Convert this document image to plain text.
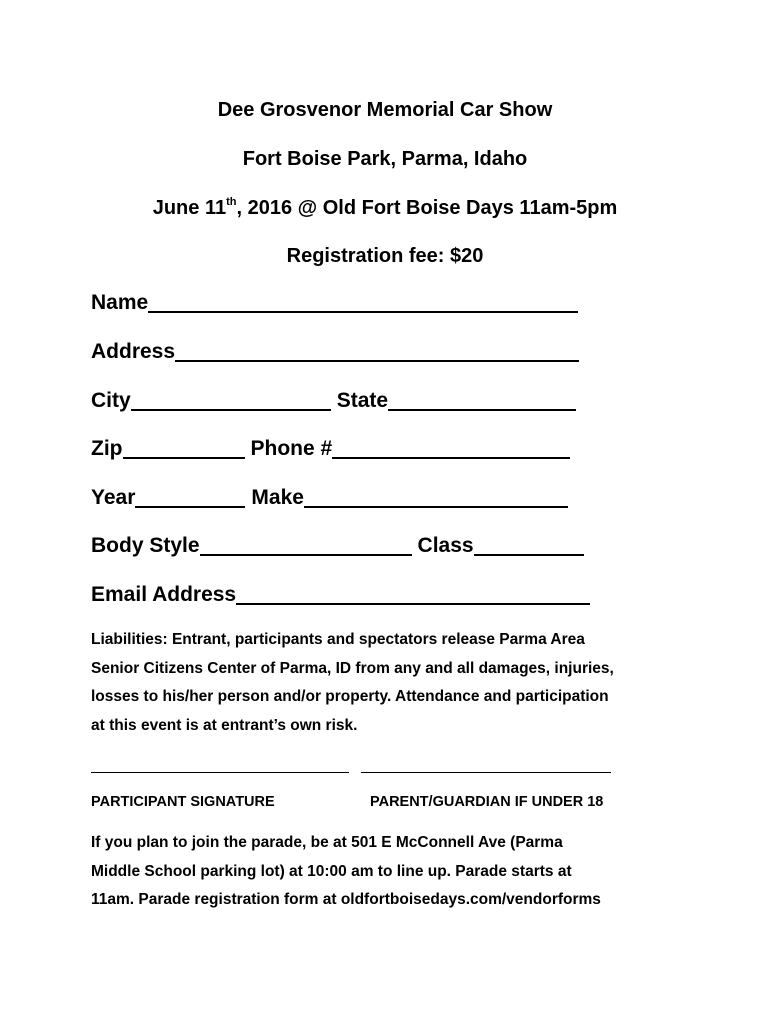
Dee Grosvenor Memorial Car Show
Fort Boise Park, Parma, Idaho
June 11th, 2016 @ Old Fort Boise Days 11am-5pm
Registration fee: $20
Name
Address
City	State
Zip	Phone #
Year	Make
Body Style	Class
Email Address
Liabilities: Entrant, participants and spectators release Parma Area
Senior Citizens Center of Parma, ID from any and all damages, injuries,
losses to his/her person and/or property. Attendance and participation
at this event is at entrant’s own risk.
PARTICIPANT SIGNATURE	PARENT/GUARDIAN IF UNDER 18
If you plan to join the parade, be at 501 E McConnell Ave (Parma
Middle School parking lot) at 10:00 am to line up. Parade starts at
11am. Parade registration form at oldfortboisedays.com/vendorforms
